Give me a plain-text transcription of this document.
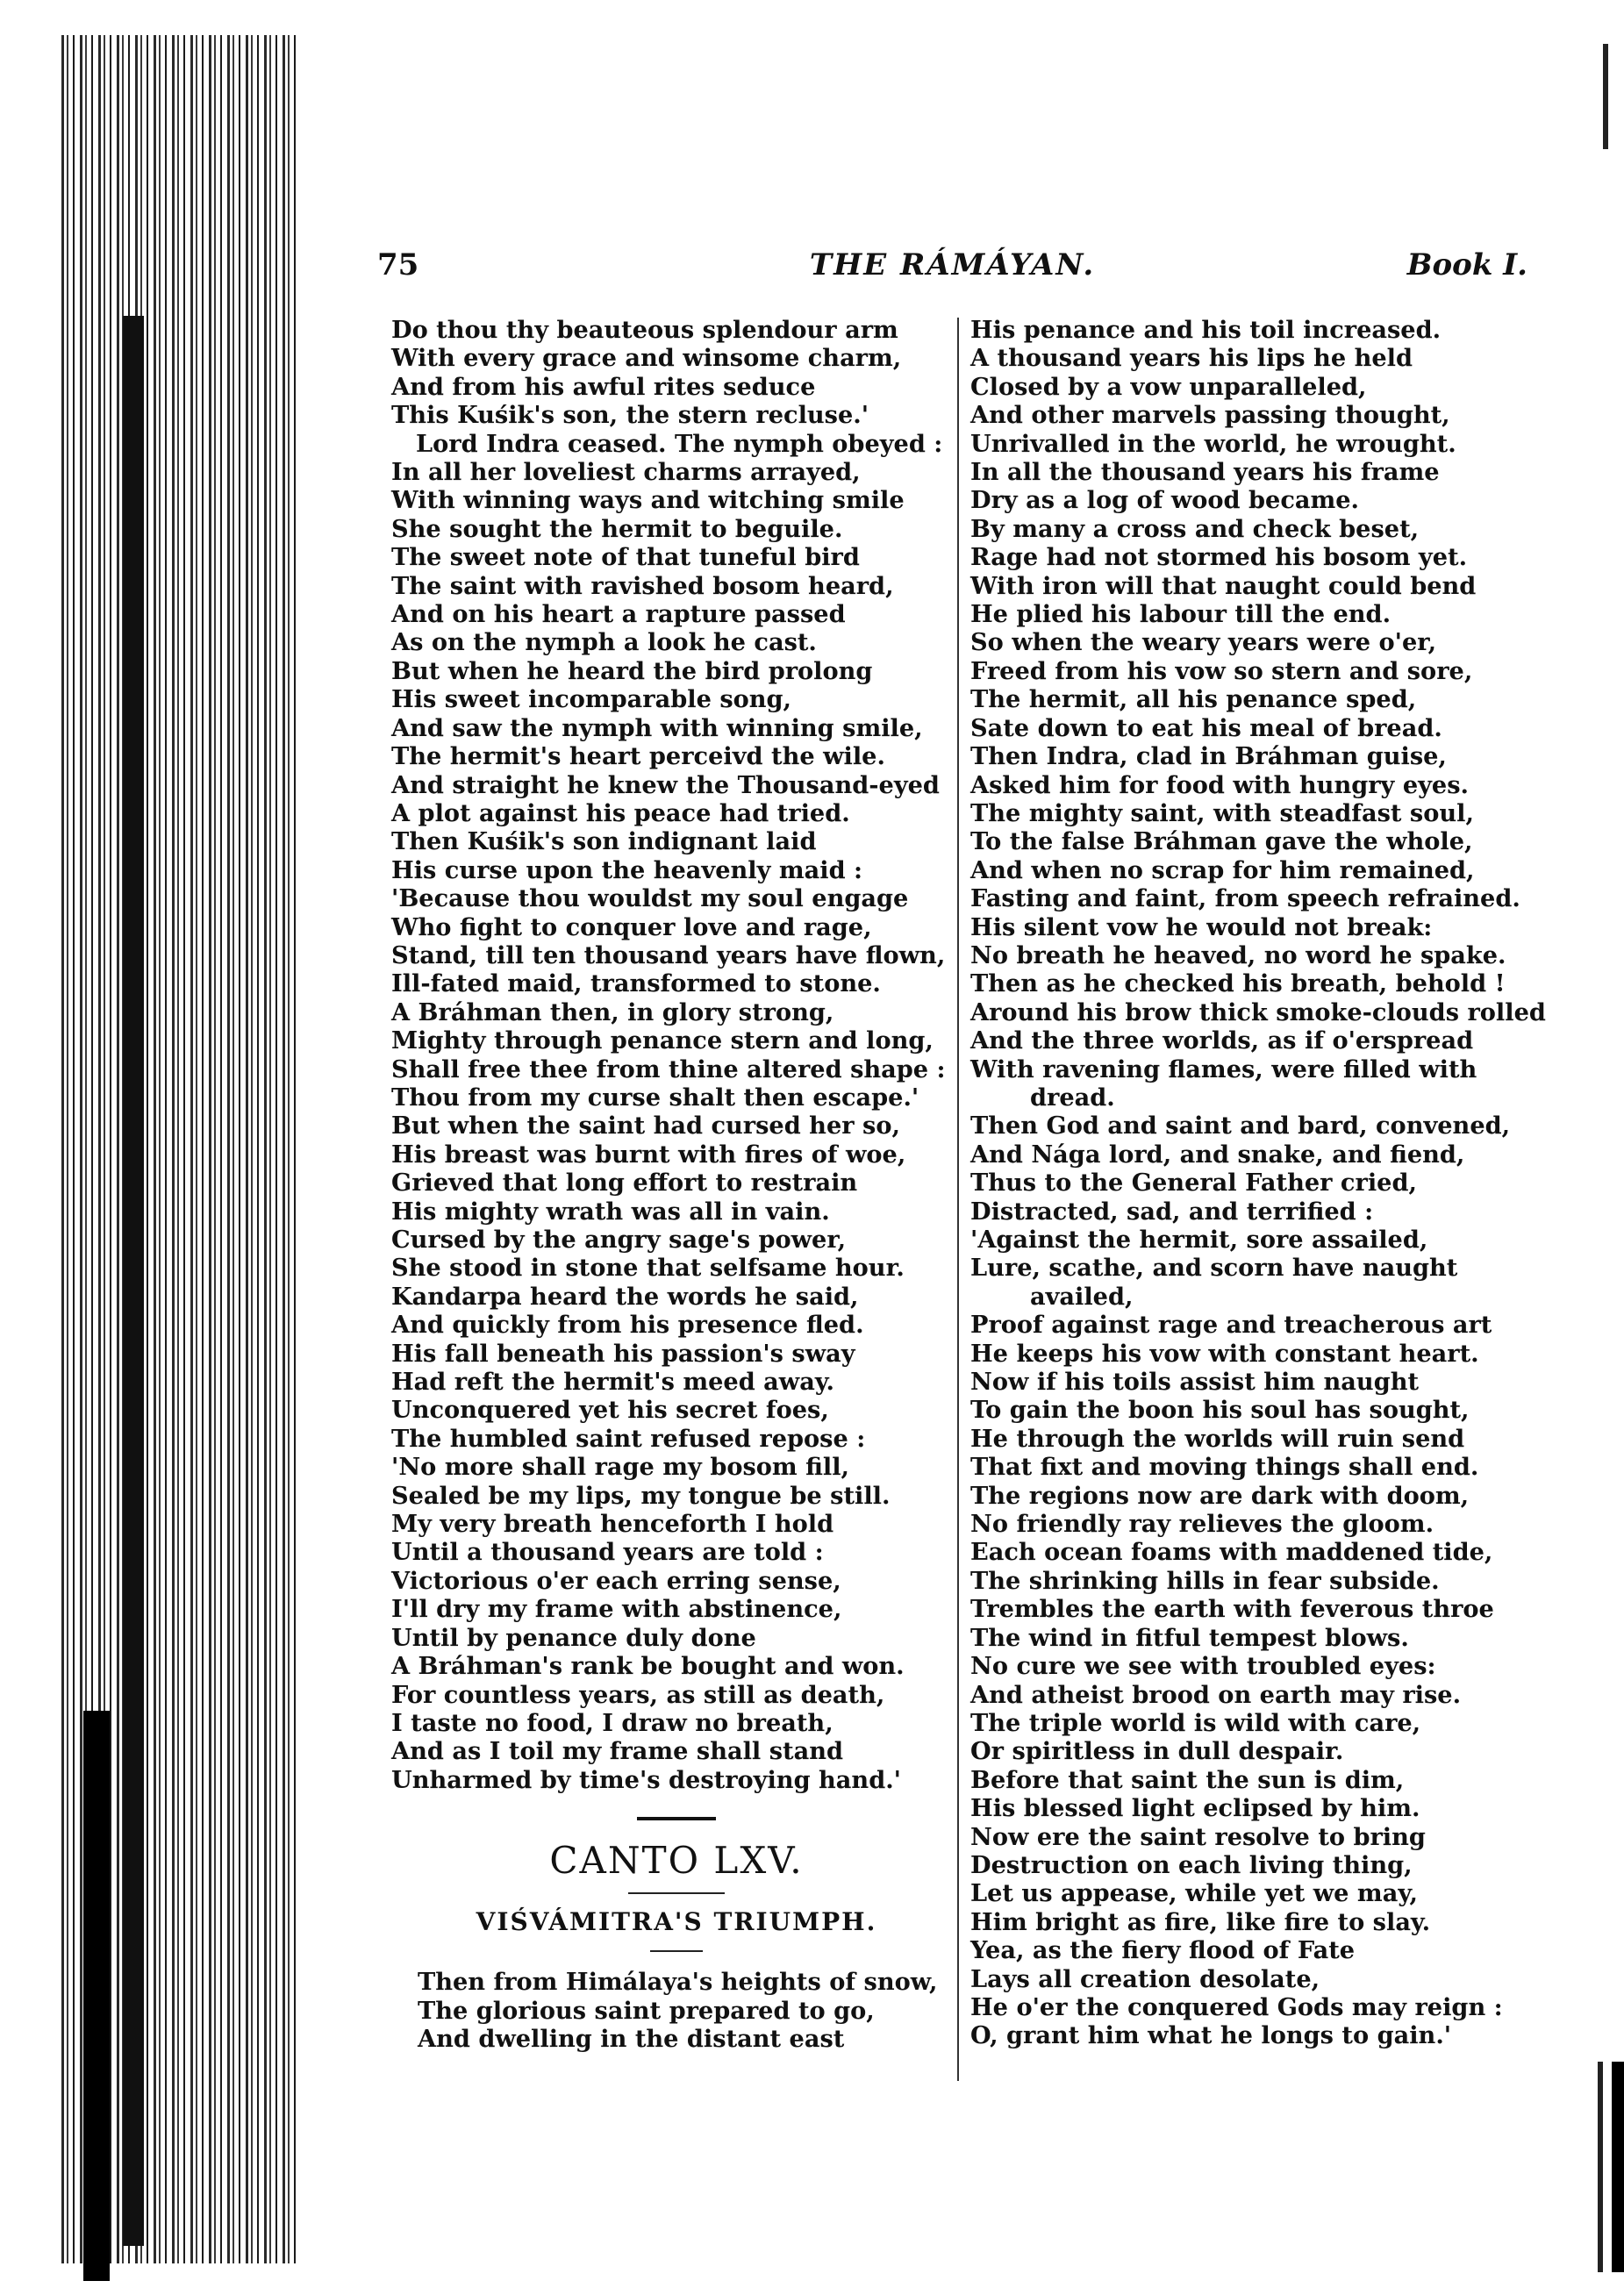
75	THE RÁMÁYAN.	Book I.
Do thou thy beauteous splendour arm
With every grace and winsome charm,
And from his awful rites seduce
This Kuśik's son, the stern recluse.'
Lord Indra ceased. The nymph obeyed :
In all her loveliest charms arrayed,
With winning ways and witching smile
She sought the hermit to beguile.
The sweet note of that tuneful bird
The saint with ravished bosom heard,
And on his heart a rapture passed
As on the nymph a look he cast.
But when he heard the bird prolong
His sweet incomparable song,
And saw the nymph with winning smile,
The hermit's heart perceivd the wile.
And straight he knew the Thousand-eyed
A plot against his peace had tried.
Then Kuśik's son indignant laid
His curse upon the heavenly maid :
'Because thou wouldst my soul engage
Who fight to conquer love and rage,
Stand, till ten thousand years have flown,
Ill-fated maid, transformed to stone.
A Bráhman then, in glory strong,
Mighty through penance stern and long,
Shall free thee from thine altered shape :
Thou from my curse shalt then escape.'
But when the saint had cursed her so,
His breast was burnt with fires of woe,
Grieved that long effort to restrain
His mighty wrath was all in vain.
Cursed by the angry sage's power,
She stood in stone that selfsame hour.
Kandarpa heard the words he said,
And quickly from his presence fled.
His fall beneath his passion's sway
Had reft the hermit's meed away.
Unconquered yet his secret foes,
The humbled saint refused repose :
'No more shall rage my bosom fill,
Sealed be my lips, my tongue be still.
My very breath henceforth I hold
Until a thousand years are told :
Victorious o'er each erring sense,
I'll dry my frame with abstinence,
Until by penance duly done
A Bráhman's rank be bought and won.
For countless years, as still as death,
I taste no food, I draw no breath,
And as I toil my frame shall stand
Unharmed by time's destroying hand.'
CANTO LXV.
VIŚVÁMITRA'S TRIUMPH.
Then from Himálaya's heights of snow,
The glorious saint prepared to go,
And dwelling in the distant east
His penance and his toil increased.
A thousand years his lips he held
Closed by a vow unparalleled,
And other marvels passing thought,
Unrivalled in the world, he wrought.
In all the thousand years his frame
Dry as a log of wood became.
By many a cross and check beset,
Rage had not stormed his bosom yet.
With iron will that naught could bend
He plied his labour till the end.
So when the weary years were o'er,
Freed from his vow so stern and sore,
The hermit, all his penance sped,
Sate down to eat his meal of bread.
Then Indra, clad in Bráhman guise,
Asked him for food with hungry eyes.
The mighty saint, with steadfast soul,
To the false Bráhman gave the whole,
And when no scrap for him remained,
Fasting and faint, from speech refrained.
His silent vow he would not break:
No breath he heaved, no word he spake.
Then as he checked his breath, behold !
Around his brow thick smoke-clouds rolled
And the three worlds, as if o'erspread
With ravening flames, were filled with
dread.
Then God and saint and bard, convened,
And Nága lord, and snake, and fiend,
Thus to the General Father cried,
Distracted, sad, and terrified :
'Against the hermit, sore assailed,
Lure, scathe, and scorn have naught
availed,
Proof against rage and treacherous art
He keeps his vow with constant heart.
Now if his toils assist him naught
To gain the boon his soul has sought,
He through the worlds will ruin send
That fixt and moving things shall end.
The regions now are dark with doom,
No friendly ray relieves the gloom.
Each ocean foams with maddened tide,
The shrinking hills in fear subside.
Trembles the earth with feverous throe
The wind in fitful tempest blows.
No cure we see with troubled eyes:
And atheist brood on earth may rise.
The triple world is wild with care,
Or spiritless in dull despair.
Before that saint the sun is dim,
His blessed light eclipsed by him.
Now ere the saint resolve to bring
Destruction on each living thing,
Let us appease, while yet we may,
Him bright as fire, like fire to slay.
Yea, as the fiery flood of Fate
Lays all creation desolate,
He o'er the conquered Gods may reign :
O, grant him what he longs to gain.'
